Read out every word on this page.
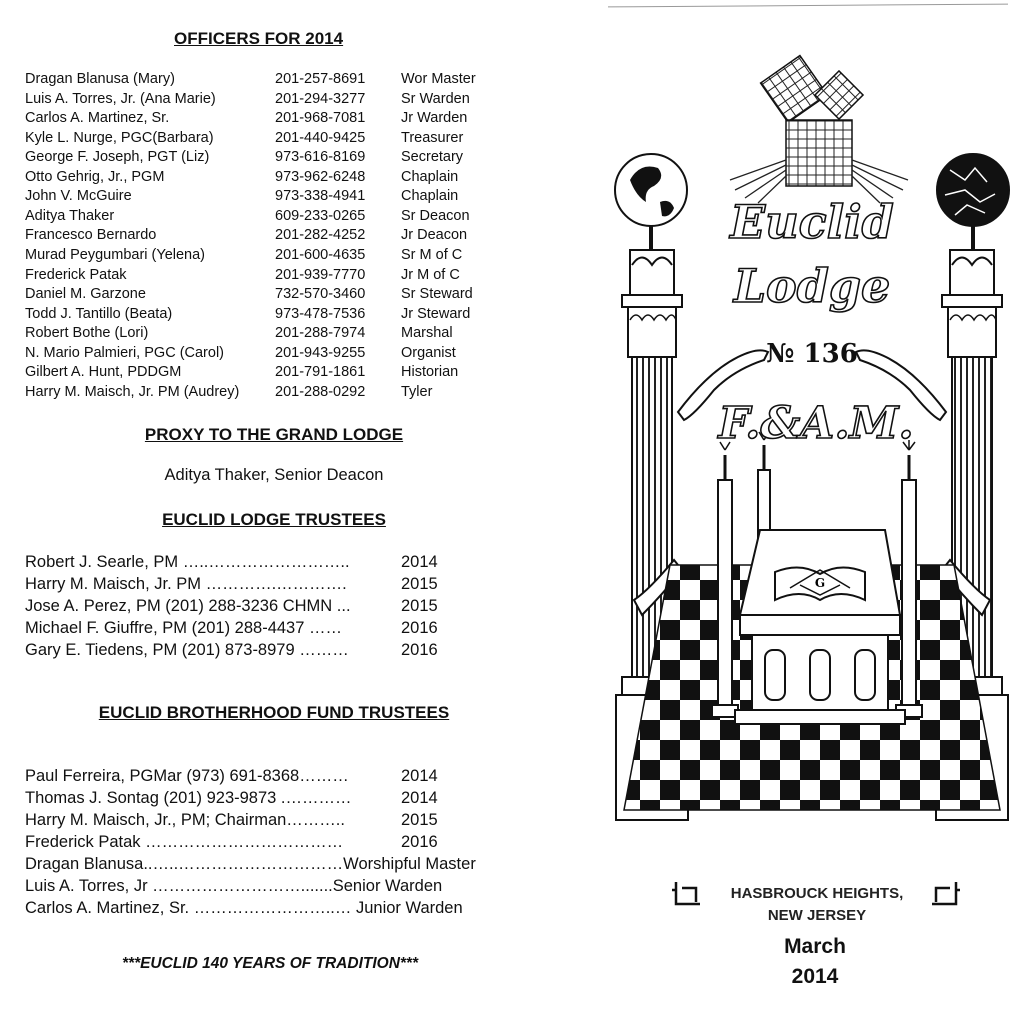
OFFICERS FOR 2014
Dragan Blanusa (Mary)	201-257-8691 Wor Master
Luis A. Torres, Jr. (Ana Marie)	201-294-3277 Sr Warden
Carlos A. Martinez, Sr.	201-968-7081 Jr Warden
Kyle L. Nurge, PGC(Barbara)	201-440-9425 Treasurer
George F. Joseph, PGT (Liz)	973-616-8169 Secretary
Otto Gehrig, Jr., PGM	973-962-6248 Chaplain
John V. McGuire	973-338-4941 Chaplain
Aditya Thaker	609-233-0265 Sr Deacon
Francesco Bernardo	201-282-4252 Jr Deacon
Murad Peygumbari (Yelena)	201-600-4635 Sr M of C
Frederick Patak	201-939-7770 Jr M of C
Daniel M. Garzone	732-570-3460 Sr Steward
Todd J. Tantillo (Beata)	973-478-7536 Jr Steward
Robert Bothe (Lori)	201-288-7974 Marshal
N. Mario Palmieri, PGC (Carol)	201-943-9255 Organist
Gilbert A. Hunt, PDDGM	201-791-1861 Historian
Harry M. Maisch, Jr. PM (Audrey) 201-288-0292 Tyler
PROXY TO THE GRAND LODGE
Aditya Thaker, Senior Deacon
EUCLID LODGE TRUSTEES
Robert J. Searle, PM …..……………………..	2014
Harry M. Maisch, Jr. PM ………….………….	2015
Jose A. Perez, PM (201) 288-3236 CHMN ...	2015
Michael F. Giuffre, PM (201) 288-4437 ……	2016
Gary E. Tiedens, PM (201) 873-8979 ………	2016
EUCLID BROTHERHOOD FUND TRUSTEES
Paul Ferreira, PGMar (973) 691-8368………	2014
Thomas J. Sontag (201) 923-9873 .…………	2014
Harry M. Maisch, Jr., PM; Chairman………..	2015
Frederick Patak ………………………………	2016
Dragan Blanusa..…..…………………………Worshipful Master
Luis A. Torres, Jr ……………………….......Senior Warden
Carlos A. Martinez, Sr. ……………………..… Junior Warden
***EUCLID 140 YEARS OF TRADITION***
G
Euclid
Lodge
№ 136
F.&A.M.
HASBROUCK HEIGHTS,
NEW JERSEY
March
2014
